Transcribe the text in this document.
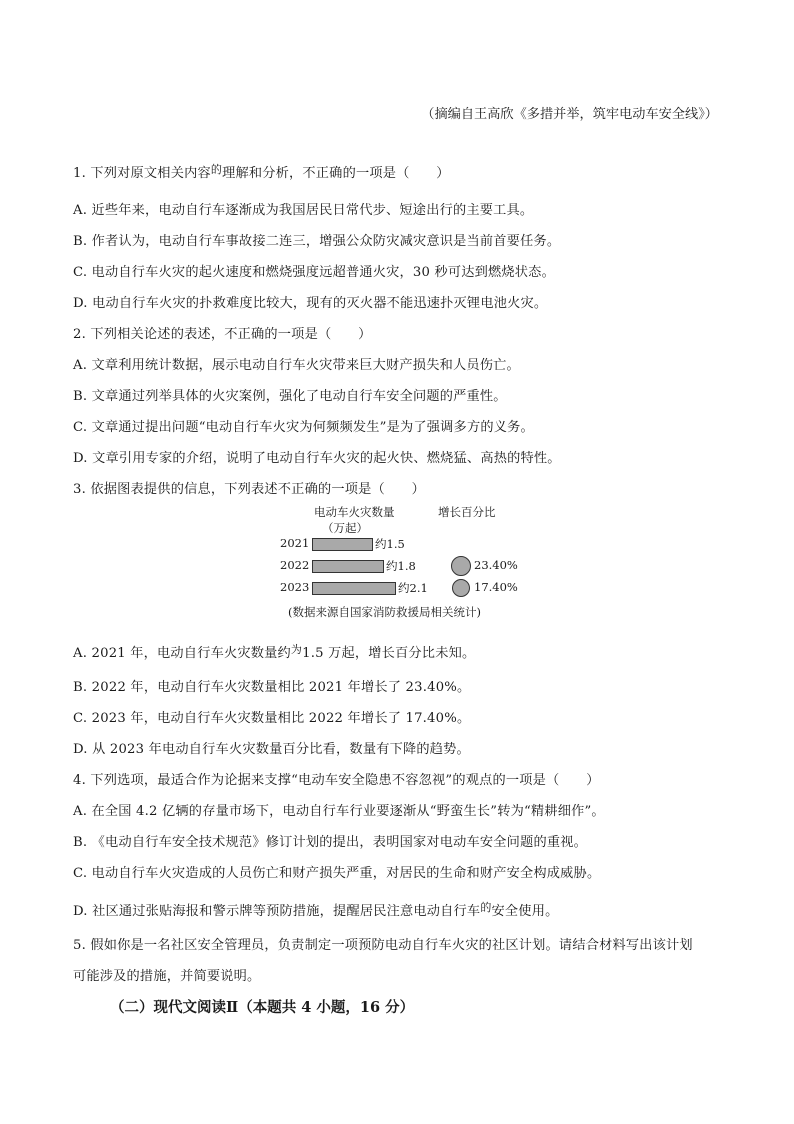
（摘编自王高欣《多措并举，筑牢电动车安全线》）
1. 下列对原文相关内容$^的$理解和分析，不正确的一项是（　　）
A. 近些年来，电动自行车逐渐成为我国居民日常代步、短途出行的主要工具。
B. 作者认为，电动自行车事故接二连三，增强公众防灾减灾意识是当前首要任务。
C. 电动自行车火灾的起火速度和燃烧强度远超普通火灾，30 秒可达到燃烧状态。
D. 电动自行车火灾的扑救难度比较大，现有的灭火器不能迅速扑灭锂电池火灾。
2. 下列相关论述的表述，不正确的一项是（　　）
A. 文章利用统计数据，展示电动自行车火灾带来巨大财产损失和人员伤亡。
B. 文章通过列举具体的火灾案例，强化了电动自行车安全问题的严重性。
C. 文章通过提出问题“电动自行车火灾为何频频发生”是为了强调多方的义务。
D. 文章引用专家的介绍，说明了电动自行车火灾的起火快、燃烧猛、高热的特性。
3. 依据图表提供的信息，下列表述不正确的一项是（　　）
电动车火灾数量
（万起）
增长百分比
2021
2022
2023
约1.5
约1.8
约2.1
23.40%
17.40%
(数据来源自国家消防救援局相关统计)
A. 2021 年，电动自行车火灾数量约$^为$1.5 万起，增长百分比未知。
B. 2022 年，电动自行车火灾数量相比 2021 年增长了 23.40%。
C. 2023 年，电动自行车火灾数量相比 2022 年增长了 17.40%。
D. 从 2023 年电动自行车火灾数量百分比看，数量有下降的趋势。
4. 下列选项，最适合作为论据来支撑“电动车安全隐患不容忽视”的观点的一项是（　　）
A. 在全国 4.2 亿辆的存量市场下，电动自行车行业要逐渐从“野蛮生长”转为“精耕细作”。
B. 《电动自行车安全技术规范》修订计划的提出，表明国家对电动车安全问题的重视。
C. 电动自行车火灾造成的人员伤亡和财产损失严重，对居民的生命和财产安全构成威胁。
D. 社区通过张贴海报和警示牌等预防措施，提醒居民注意电动自行车$^的$安全使用。
5. 假如你是一名社区安全管理员，负责制定一项预防电动自行车火灾的社区计划。请结合材料写出该计划
可能涉及的措施，并简要说明。
（二）现代文阅读Ⅱ（本题共 4 小题，16 分）
